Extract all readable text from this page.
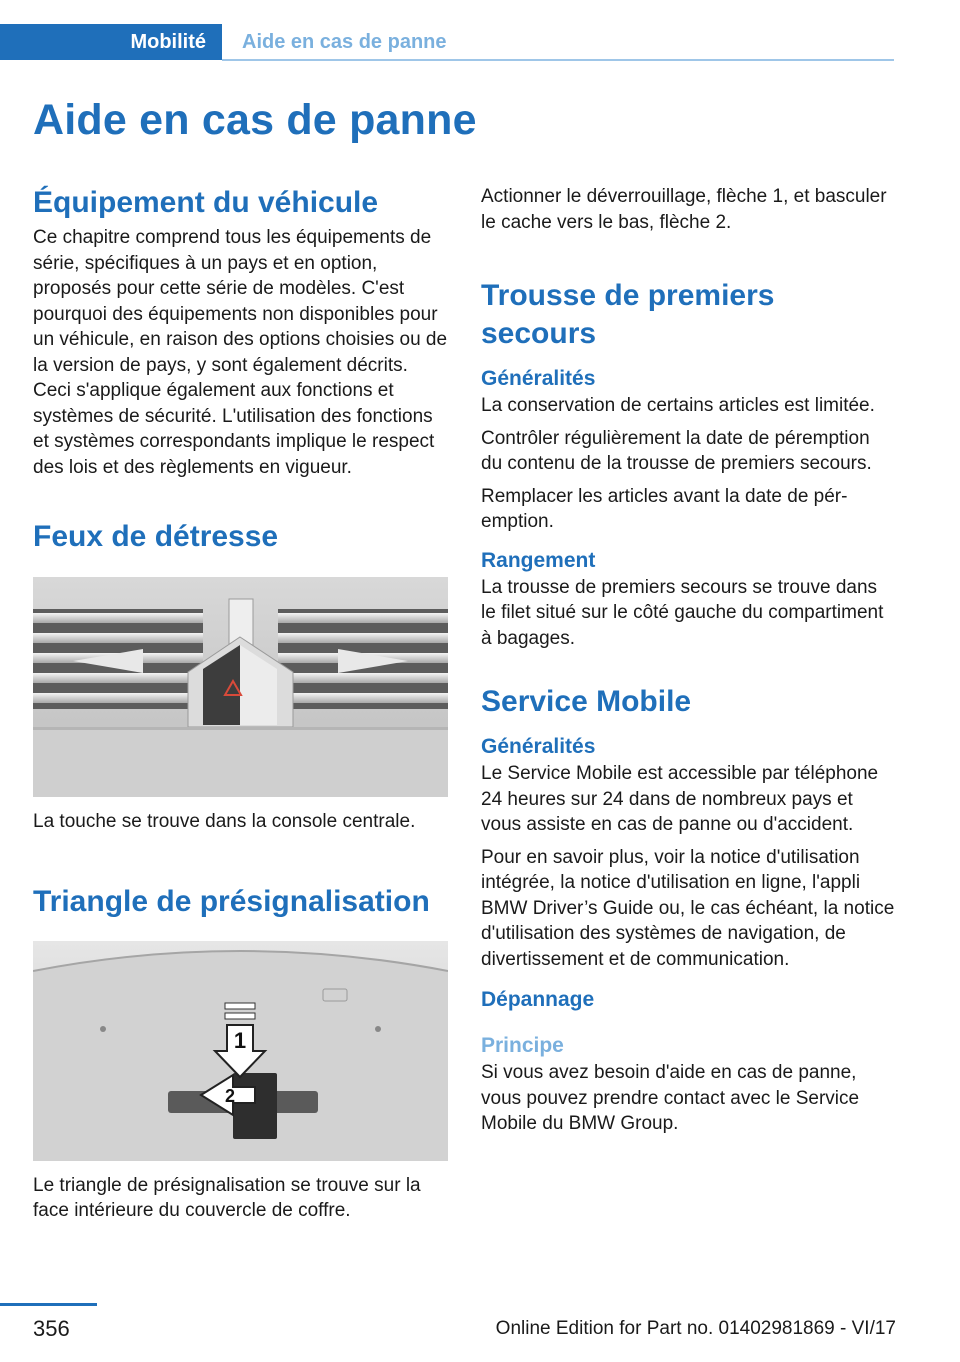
Mobilité	Aide en cas de panne
Aide en cas de panne
Équipement du véhicule

Ce chapitre comprend tous les équipements de série, spécifiques à un pays et en option, proposés pour cette série de modèles. C'est pourquoi des équipements non disponibles pour un véhicule, en raison des options choisies ou de la version de pays, y sont également décrits. Ceci s'applique également aux fonctions et systèmes de sécurité. L'utilisation des fonctions et systèmes correspondants implique le respect des lois et des règlements en vigueur.

Feux de détresse

La touche se trouve dans la console centrale.

Triangle de présignalisation
1
2

Le triangle de présignalisation se trouve sur la face intérieure du couvercle de coffre.

Actionner le déverrouillage, flèche 1, et basculer le cache vers le bas, flèche 2.

Trousse de premiers secours
Généralités

La conservation de certains articles est limitée.

Contrôler régulièrement la date de péremption du contenu de la trousse de premiers secours.

Remplacer les articles avant la date de péremption.

Rangement

La trousse de premiers secours se trouve dans le filet situé sur le côté gauche du compartiment à bagages.

Service Mobile
Généralités

Le Service Mobile est accessible par téléphone 24 heures sur 24 dans de nombreux pays et vous assiste en cas de panne ou d'accident.

Pour en savoir plus, voir la notice d'utilisation intégrée, la notice d'utilisation en ligne, l'appli BMW Driver’s Guide ou, le cas échéant, la notice d'utilisation des systèmes de navigation, de divertissement et de communication.

Dépannage
Principe

Si vous avez besoin d'aide en cas de panne, vous pouvez prendre contact avec le Service Mobile du BMW Group.

356	Online Edition for Part no. 01402981869 - VI/17
